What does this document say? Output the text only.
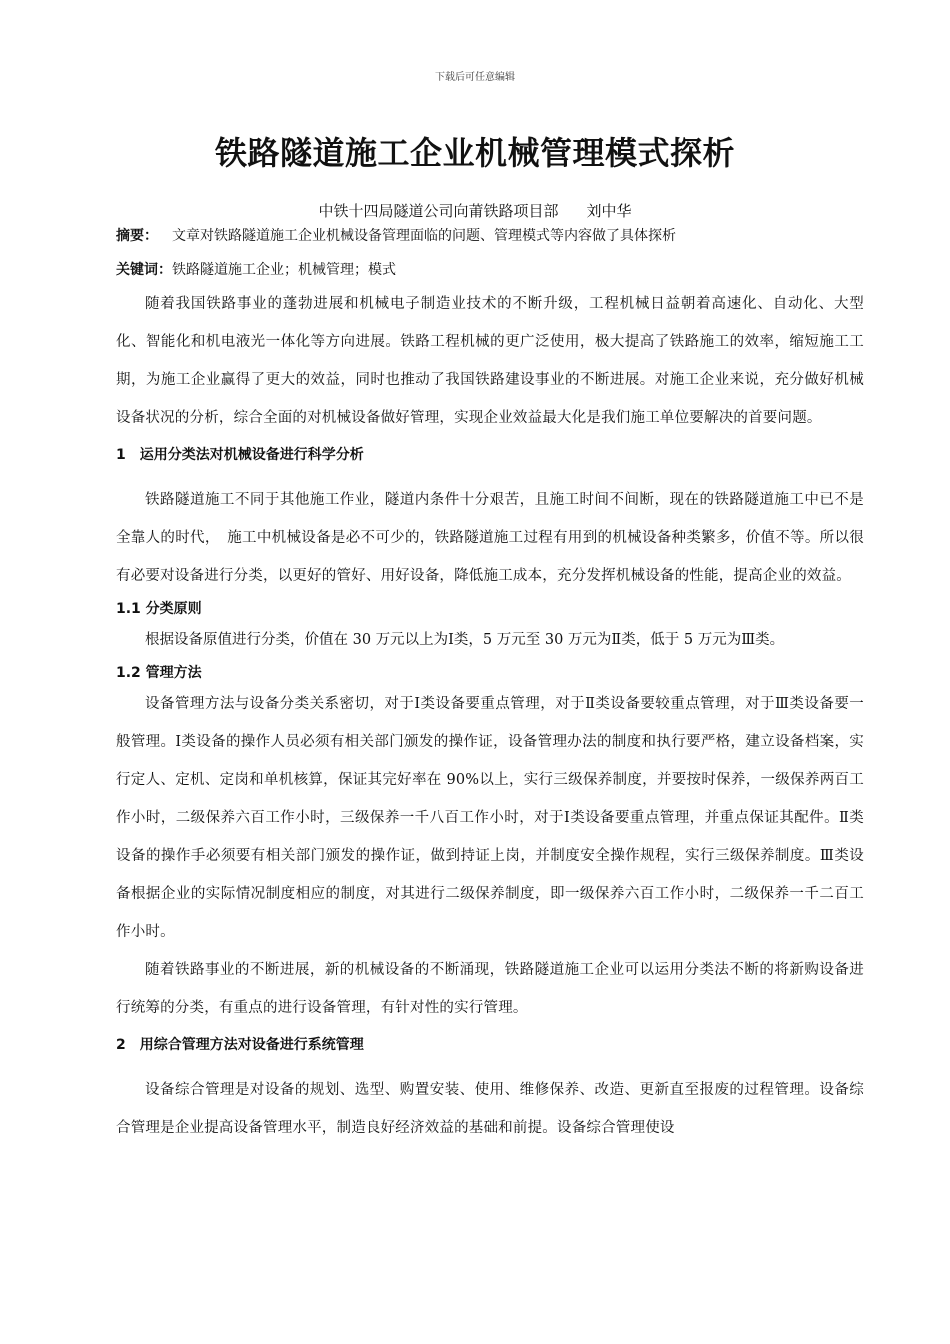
下载后可任意编辑
铁路隧道施工企业机械管理模式探析
中铁十四局隧道公司向莆铁路项目部 刘中华
摘要： 文章对铁路隧道施工企业机械设备管理面临的问题、管理模式等内容做了具体探析
关键词：铁路隧道施工企业；机械管理；模式

随着我国铁路事业的蓬勃进展和机械电子制造业技术的不断升级，工程机械日益朝着高速化、自动化、大型化、智能化和机电液光一体化等方向进展。铁路工程机械的更广泛使用，极大提高了铁路施工的效率，缩短施工工期，为施工企业赢得了更大的效益，同时也推动了我国铁路建设事业的不断进展。对施工企业来说，充分做好机械设备状况的分析，综合全面的对机械设备做好管理，实现企业效益最大化是我们施工单位要解决的首要问题。

1　运用分类法对机械设备进行科学分析

铁路隧道施工不同于其他施工作业，隧道内条件十分艰苦，且施工时间不间断，现在的铁路隧道施工中已不是全靠人的时代，　施工中机械设备是必不可少的，铁路隧道施工过程有用到的机械设备种类繁多，价值不等。所以很有必要对设备进行分类，以更好的管好、用好设备，降低施工成本，充分发挥机械设备的性能，提高企业的效益。

1.1 分类原则

根据设备原值进行分类，价值在 30 万元以上为Ⅰ类，5 万元至 30 万元为Ⅱ类，低于 5 万元为Ⅲ类。

1.2 管理方法

设备管理方法与设备分类关系密切，对于Ⅰ类设备要重点管理，对于Ⅱ类设备要较重点管理，对于Ⅲ类设备要一般管理。Ⅰ类设备的操作人员必须有相关部门颁发的操作证，设备管理办法的制度和执行要严格，建立设备档案，实行定人、定机、定岗和单机核算，保证其完好率在 90%以上，实行三级保养制度，并要按时保养，一级保养两百工作小时，二级保养六百工作小时，三级保养一千八百工作小时，对于Ⅰ类设备要重点管理，并重点保证其配件。Ⅱ类设备的操作手必须要有相关部门颁发的操作证，做到持证上岗，并制度安全操作规程，实行三级保养制度。Ⅲ类设备根据企业的实际情况制度相应的制度，对其进行二级保养制度，即一级保养六百工作小时，二级保养一千二百工作小时。

随着铁路事业的不断进展，新的机械设备的不断涌现，铁路隧道施工企业可以运用分类法不断的将新购设备进行统筹的分类，有重点的进行设备管理，有针对性的实行管理。

2　用综合管理方法对设备进行系统管理

设备综合管理是对设备的规划、选型、购置安装、使用、维修保养、改造、更新直至报废的过程管理。设备综合管理是企业提高设备管理水平，制造良好经济效益的基础和前提。设备综合管理使设
